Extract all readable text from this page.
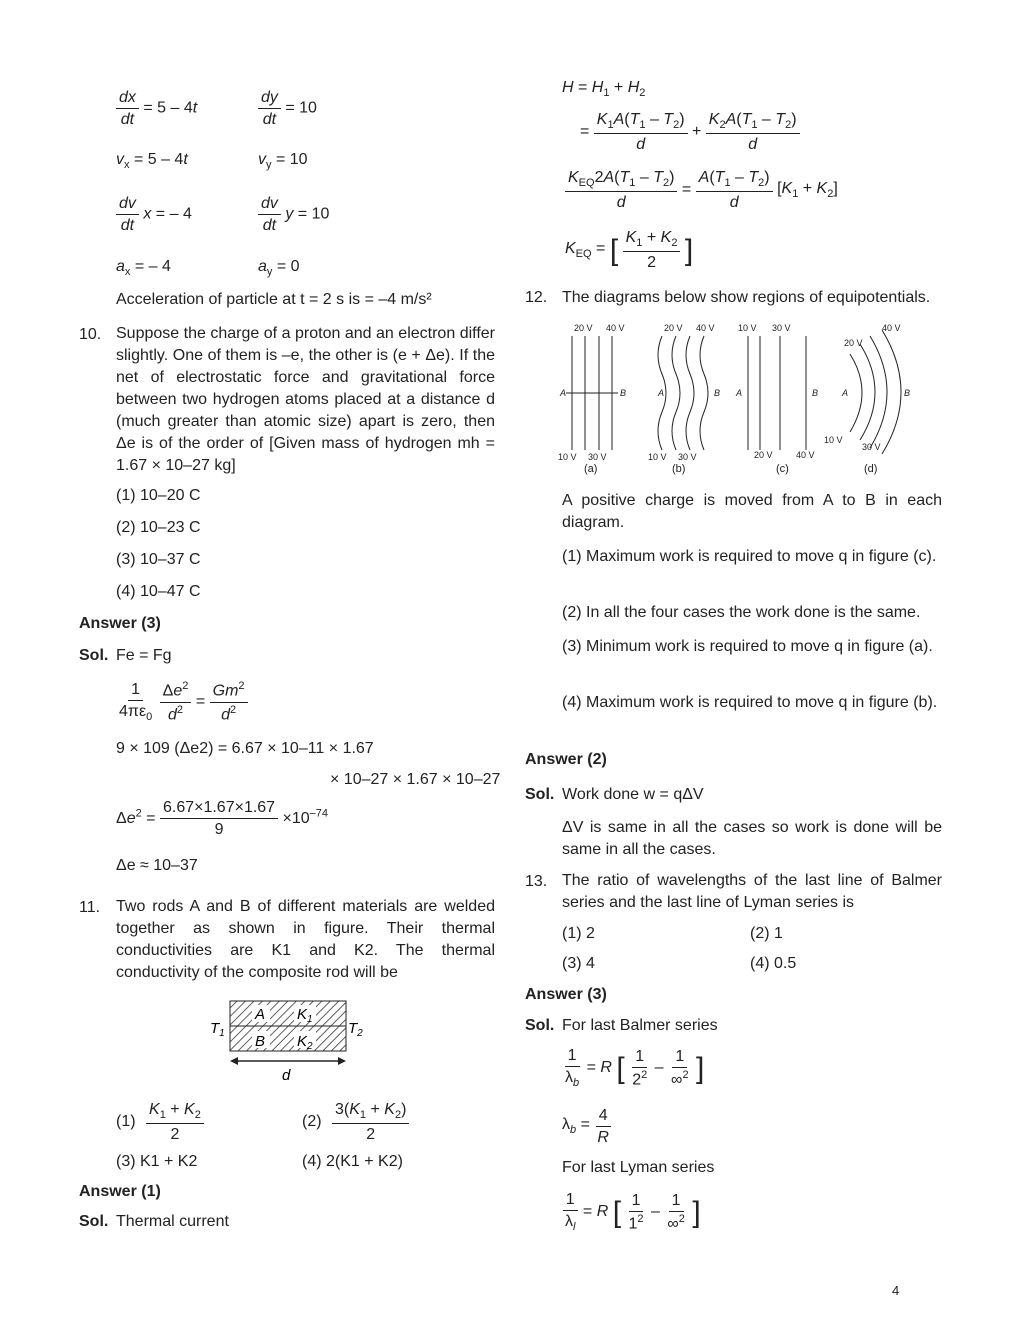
$\frac{dx}{dt} = 5 - 4t$	$\frac{dy}{dt} = 10$
$v_x = 5 - 4t$	$v_y = 10$
$\frac{dv}{dt}$ x = – 4	$\frac{dv}{dt}$ y = 10
$a_x$ = – 4	$a_y = 0$
Acceleration of particle at t = 2 s is = –4 m/s²
10. Suppose the charge of a proton and an electron differ slightly. One of them is –e, the other is (e + Δe). If the net of electrostatic force and gravitational force between two hydrogen atoms placed at a distance d (much greater than atomic size) apart is zero, then Δe is of the order of [Given mass of hydrogen mh = 1.67 × 10–27 kg]
(1) 10–20 C
(2) 10–23 C
(3) 10–37 C
(4) 10–47 C
Answer (3)
Sol. Fe = Fg
$\frac{1}{4\pi\varepsilon_0}$
$\frac{\Delta e^2}{d^2} = \frac{Gm^2}{d^2}$
9 × 109 (Δe2) = 6.67 × 10–11 × 1.67
× 10–27 × 1.67 × 10–27
$\Delta e^2 = \frac{6.67\times 1.67\times 1.67}{9} \times 10^{-74}$
Δe ≈ 10–37
11. Two rods A and B of different materials are welded together as shown in figure. Their thermal conductivities are K1 and K2. The thermal conductivity of the composite rod will be
A $K_1$
B $K_2$
$T_1$	$T_2$
d
$(1) \frac{K_1 + K_2}{2}$	$(2) \frac{3(K_1 + K_2)}{2}$
(3) K1 + K2	(4) 2(K1 + K2)
Answer (1)
Sol. Thermal current
$H = H_1 + H_2$
= $\frac{K_1A(T_1 - T_2)}{d} + \frac{K_2A(T_1 - T_2)}{d}$
$K_{EQ}2A(T_1 - T_2)$
d
= $\frac{A(T_1 - T_2)}{d} [K_1 + K_2]$
$K_{EQ}$ = [ $\frac{K_1 + K_2}{2}$ ]
12. The diagrams below show regions of equipotentials.
20 V 40 V
10 V 30 V
A	B
(a)
20 V 40 V
10 V 30 V
A	B
(b)
10 V 30 V
20 V	40 V
A	B
(c)
20 V
40 V
10 V
30 V
A	B
(d)
A positive charge is moved from A to B in each diagram.
(1) Maximum work is required to move q in figure (c).
(2) In all the four cases the work done is the same.
(3) Minimum work is required to move q in figure (a).
(4) Maximum work is required to move q in figure (b).
Answer (2)
Sol. Work done w = qΔV
ΔV is same in all the cases so work is done will be same in all the cases.
13. The ratio of wavelengths of the last line of Balmer series and the last line of Lyman series is
(1) 2	(2) 1
(3) 4	(4) 0.5
Answer (3)
Sol. For last Balmer series
$\frac{1}{\lambda_b} = R$ [ $\frac{1}{2^2} - \frac{1}{\infty^2}$ ]
$\lambda_b = \frac{4}{R}$
For last Lyman series
$\frac{1}{\lambda_l} = R$ [ $\frac{1}{1^2} - \frac{1}{\infty^2}$ ]
4
